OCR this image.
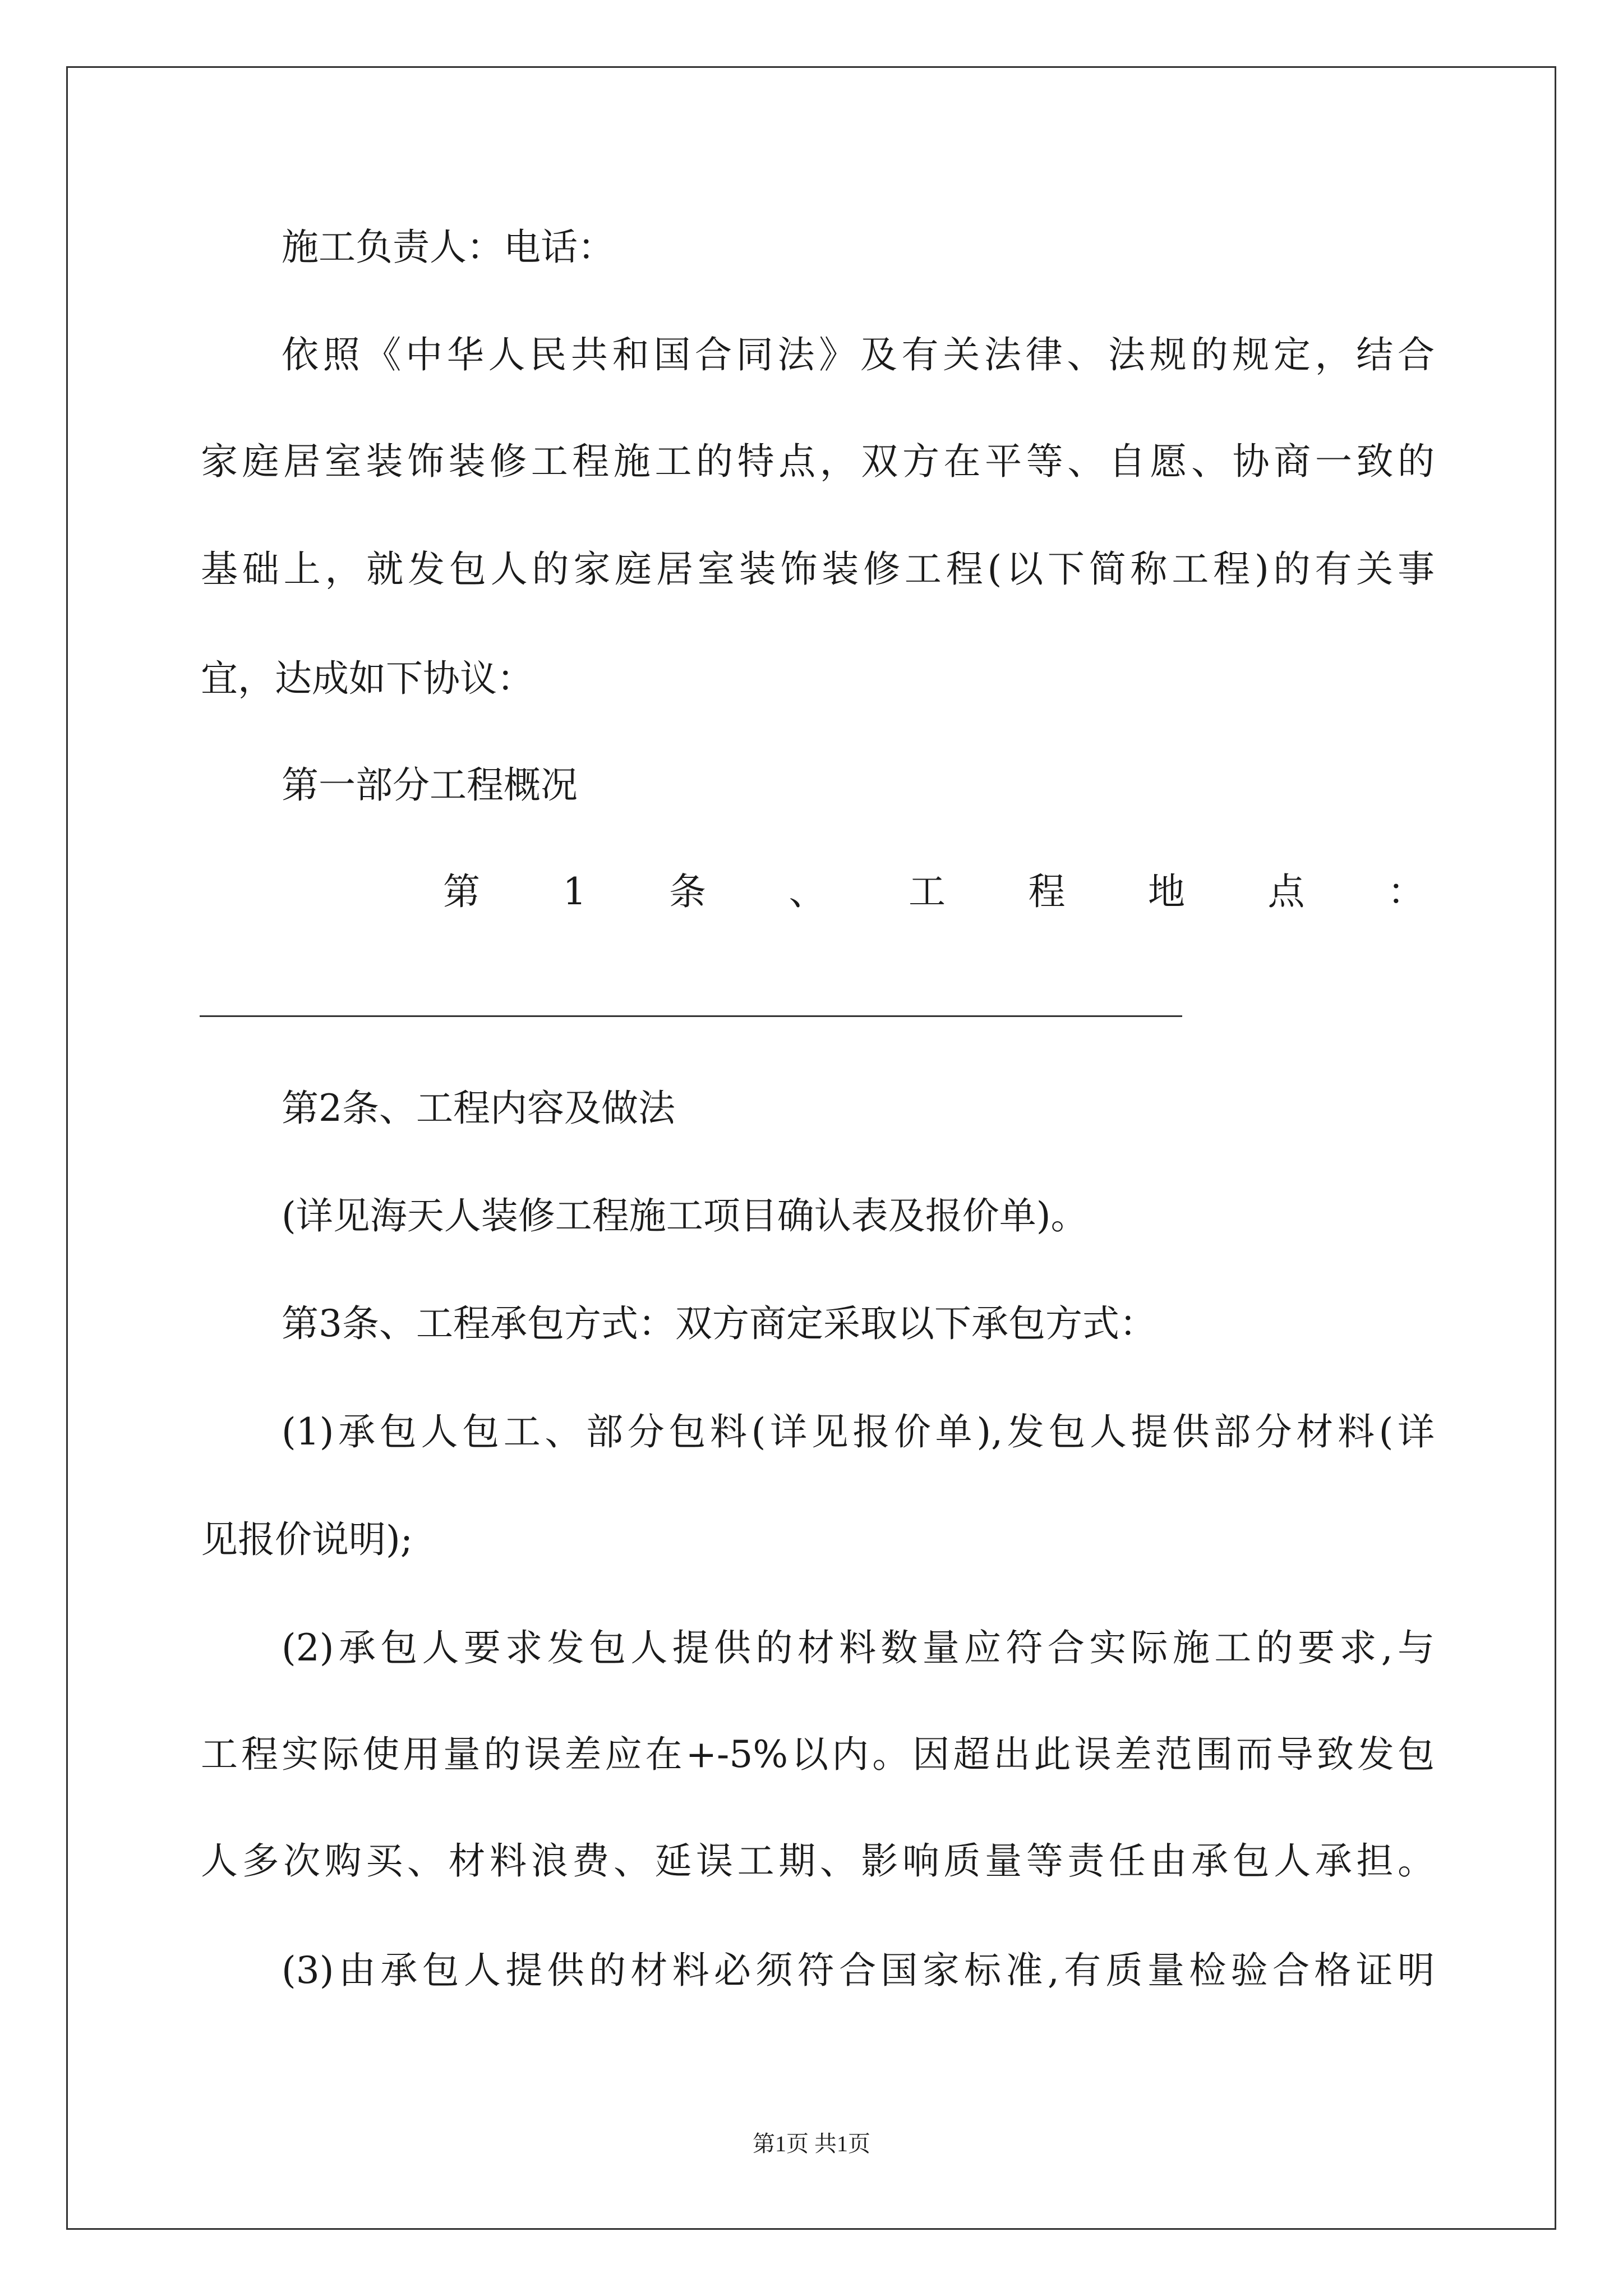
施工负责人：电话：
依照《中华人民共和国合同法》及有关法律、法规的规定，结合
家庭居室装饰装修工程施工的特点，双方在平等、自愿、协商一致的
基础上，就发包人的家庭居室装饰装修工程(以下简称工程)的有关事
宜，达成如下协议：
第一部分工程概况
第 1 条 、 工 程 地 点 ：
第2条、工程内容及做法
(详见海天人装修工程施工项目确认表及报价单)。
第3条、工程承包方式：双方商定采取以下承包方式：
(1)承包人包工、部分包料(详见报价单),发包人提供部分材料(详
见报价说明);
(2)承包人要求发包人提供的材料数量应符合实际施工的要求,与
工程实际使用量的误差应在+-5%以内。因超出此误差范围而导致发包
人多次购买、材料浪费、延误工期、影响质量等责任由承包人承担。
(3)由承包人提供的材料必须符合国家标准,有质量检验合格证明
第1页 共1页
